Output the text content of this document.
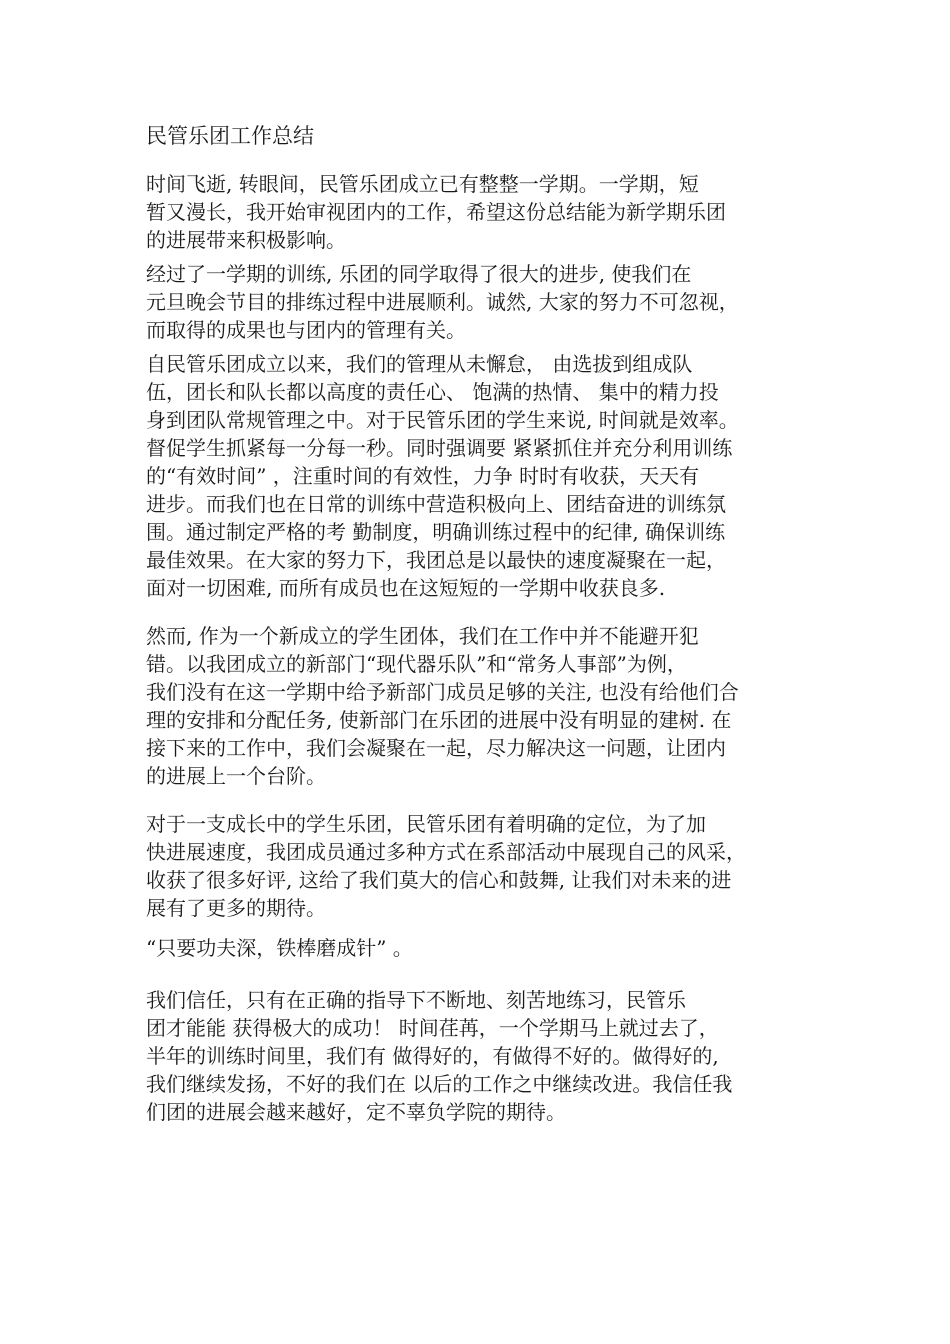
民管乐团工作总结
时间飞逝, 转眼间，民管乐团成立已有整整一学期。一学期，短
暂又漫长，我开始审视团内的工作，希望这份总结能为新学期乐团
的进展带来积极影响。
经过了一学期的训练, 乐团的同学取得了很大的进步, 使我们在
元旦晚会节目的排练过程中进展顺利。诚然, 大家的努力不可忽视，
而取得的成果也与团内的管理有关。
自民管乐团成立以来，我们的管理从未懈怠， 由选拔到组成队
伍，团长和队长都以高度的责任心、 饱满的热情、 集中的精力投
身到团队常规管理之中。对于民管乐团的学生来说, 时间就是效率。
督促学生抓紧每一分每一秒。同时强调要 紧紧抓住并充分利用训练
的“有效时间” ，注重时间的有效性，力争 时时有收获，天天有
进步。而我们也在日常的训练中营造积极向上、团结奋进的训练氛
围。通过制定严格的考 勤制度，明确训练过程中的纪律, 确保训练
最佳效果。在大家的努力下，我团总是以最快的速度凝聚在一起，
面对一切困难, 而所有成员也在这短短的一学期中收获良多.
然而, 作为一个新成立的学生团体，我们在工作中并不能避开犯
错。以我团成立的新部门“现代器乐队”和“常务人事部”为例，
我们没有在这一学期中给予新部门成员足够的关注, 也没有给他们合
理的安排和分配任务, 使新部门在乐团的进展中没有明显的建树. 在
接下来的工作中，我们会凝聚在一起，尽力解决这一问题，让团内
的进展上一个台阶。
对于一支成长中的学生乐团，民管乐团有着明确的定位，为了加
快进展速度，我团成员通过多种方式在系部活动中展现自己的风采，
收获了很多好评, 这给了我们莫大的信心和鼓舞, 让我们对未来的进
展有了更多的期待。
“只要功夫深，铁棒磨成针” 。
我们信任，只有在正确的指导下不断地、刻苦地练习，民管乐
团才能能 获得极大的成功！ 时间荏苒，一个学期马上就过去了，
半年的训练时间里，我们有 做得好的，有做得不好的。做得好的,
我们继续发扬，不好的我们在 以后的工作之中继续改进。我信任我
们团的进展会越来越好，定不辜负学院的期待。
